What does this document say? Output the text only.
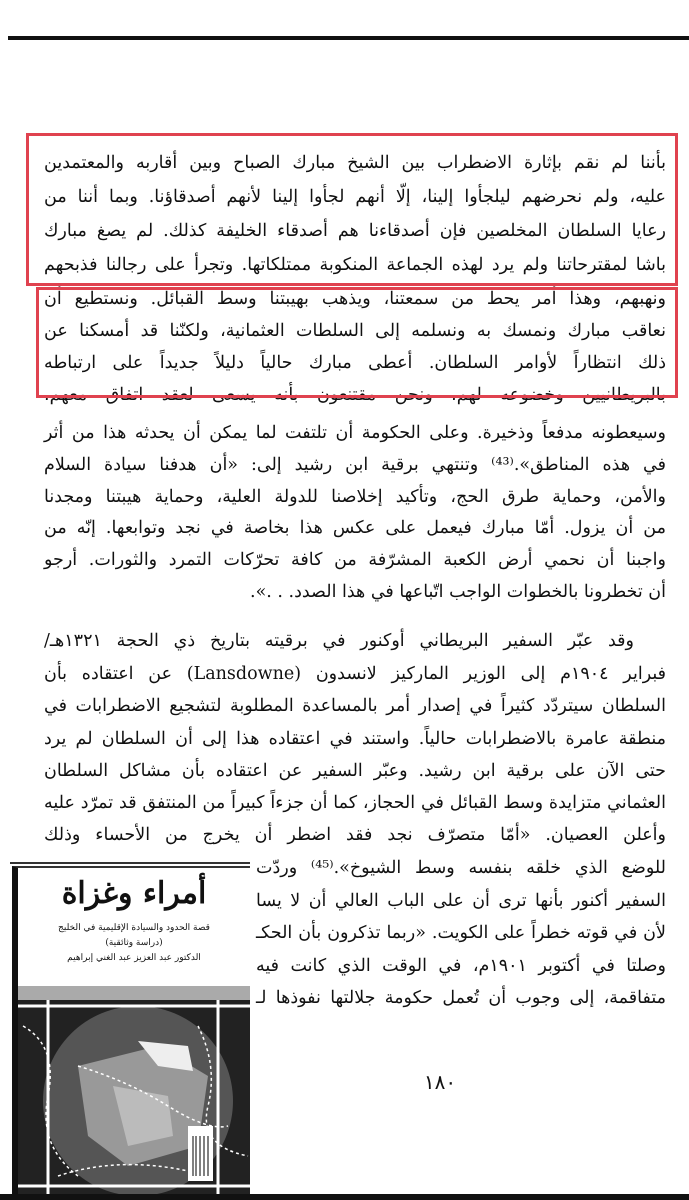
بأننا لم نقم بإثارة الاضطراب بين الشيخ مبارك الصباح وبين أقاربه والمعتمدين
عليه، ولم نحرضهم ليلجأوا إلينا، إلّا أنهم لجأوا إلينا لأنهم أصدقاؤنا. وبما أننا من
رعايا السلطان المخلصين فإن أصدقاءنا هم أصدقاء الخليفة كذلك. لم يصغ مبارك
باشا لمقترحاتنا ولم يرد لهذه الجماعة المنكوبة ممتلكاتها. وتجرأ على رجالنا فذبحهم
ونهبهم، وهذا أمر يحط من سمعتنا، ويذهب بهيبتنا وسط القبائل. ونستطيع أن
نعاقب مبارك ونمسك به ونسلمه إلى السلطات العثمانية، ولكنّنا قد أمسكنا عن
ذلك انتظاراً لأوامر السلطان. أعطى مبارك حالياً دليلاً جديداً على ارتباطه
بالبريطانيين وخضوعه لهم، ونحن مقتنعون بأنه يسعى لعقد اتفاق معهم،
وسيعطونه مدفعاً وذخيرة. وعلى الحكومة أن تلتفت لما يمكن أن يحدثه هذا من أثر
في هذه المناطق».⁽⁴³⁾ وتنتهي برقية ابن رشيد إلى: «أن هدفنا سيادة السلام
والأمن، وحماية طرق الحج، وتأكيد إخلاصنا للدولة العلية، وحماية هيبتنا ومجدنا
من أن يزول. أمّا مبارك فيعمل على عكس هذا بخاصة في نجد وتوابعها. إنّه من
واجبنا أن نحمي أرض الكعبة المشرّفة من كافة تحرّكات التمرد والثورات. أرجو
أن تخطرونا بالخطوات الواجب اتّباعها في هذا الصدد. . .».
وقد عبّر السفير البريطاني أوكنور في برقيته بتاريخ ذي الحجة ١٣٢١هـ/
فبراير ١٩٠٤م إلى الوزير الماركيز لانسدون (Lansdowne) عن اعتقاده بأن
السلطان سيتردّد كثيراً في إصدار أمر بالمساعدة المطلوبة لتشجيع الاضطرابات في
منطقة عامرة بالاضطرابات حالياً. واستند في اعتقاده هذا إلى أن السلطان لم يرد
حتى الآن على برقية ابن رشيد. وعبّر السفير عن اعتقاده بأن مشاكل السلطان
العثماني متزايدة وسط القبائل في الحجاز، كما أن جزءاً كبيراً من المنتفق قد تمرّد عليه
وأعلن العصيان. «أمّا متصرّف نجد فقد اضطر أن يخرج من الأحساء وذلك
للوضع الذي خلقه بنفسه وسط الشيوخ».⁽⁴⁵⁾ وردّت
السفير أكنور بأنها ترى أن على الباب العالي أن لا يسا
لأن في قوته خطراً على الكويت. «ربما تذكرون بأن الحكـ
وصلتا في أكتوبر ١٩٠١م، في الوقت الذي كانت فيه
متفاقمة، إلى وجوب أن تُعمل حكومة جلالتها نفوذها لـ
١٨٠
أمراء وغزاة
قصة الحدود والسيادة الإقليمية في الخليج
(دراسة وثائقية)
الدكتور عبد العزيز عبد الغني إبراهيم
